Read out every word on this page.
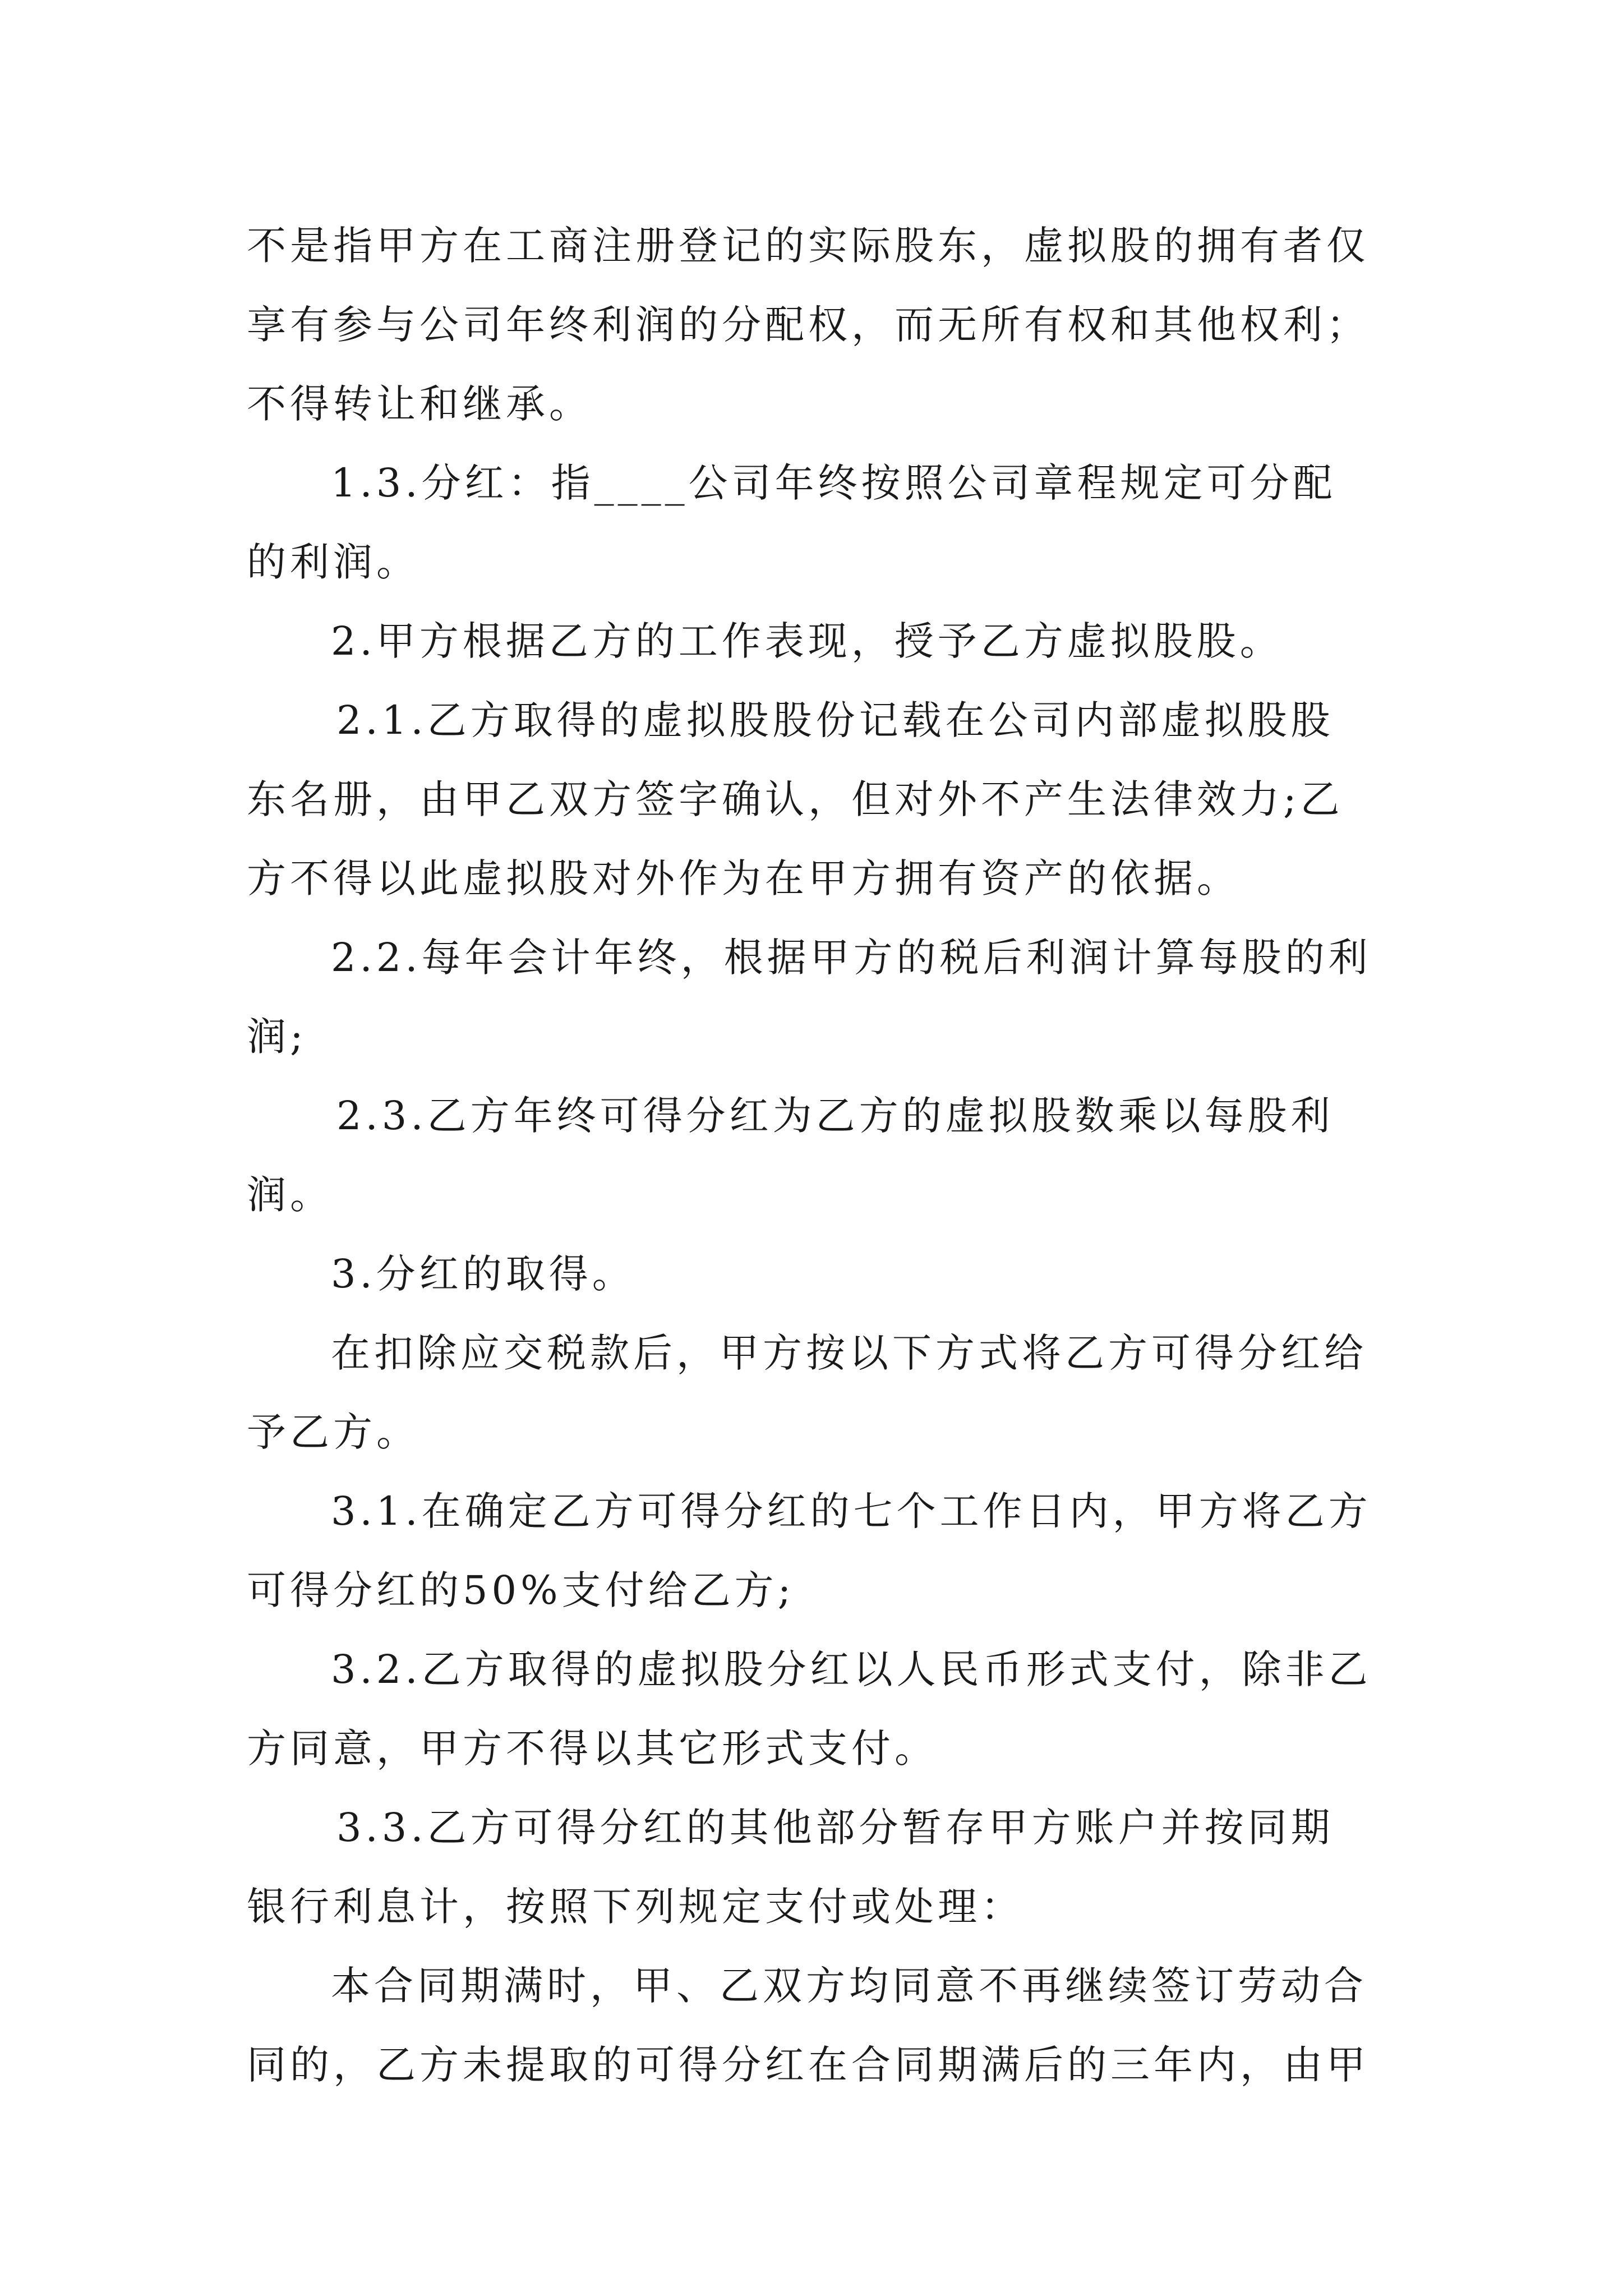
不是指甲方在工商注册登记的实际股东，虚拟股的拥有者仅享有参与公司年终利润的分配权，而无所有权和其他权利；不得转让和继承。

1.3.分红：指____公司年终按照公司章程规定可分配的利润。

2.甲方根据乙方的工作表现，授予乙方虚拟股股。

2.1.乙方取得的虚拟股股份记载在公司内部虚拟股股东名册，由甲乙双方签字确认，但对外不产生法律效力;乙方不得以此虚拟股对外作为在甲方拥有资产的依据。

2.2.每年会计年终，根据甲方的税后利润计算每股的利润;

2.3.乙方年终可得分红为乙方的虚拟股数乘以每股利润。

3.分红的取得。

在扣除应交税款后，甲方按以下方式将乙方可得分红给予乙方。

3.1.在确定乙方可得分红的七个工作日内，甲方将乙方可得分红的50%支付给乙方;

3.2.乙方取得的虚拟股分红以人民币形式支付，除非乙方同意，甲方不得以其它形式支付。

3.3.乙方可得分红的其他部分暂存甲方账户并按同期银行利息计，按照下列规定支付或处理：

本合同期满时，甲、乙双方均同意不再继续签订劳动合同的，乙方未提取的可得分红在合同期满后的三年内，由甲
